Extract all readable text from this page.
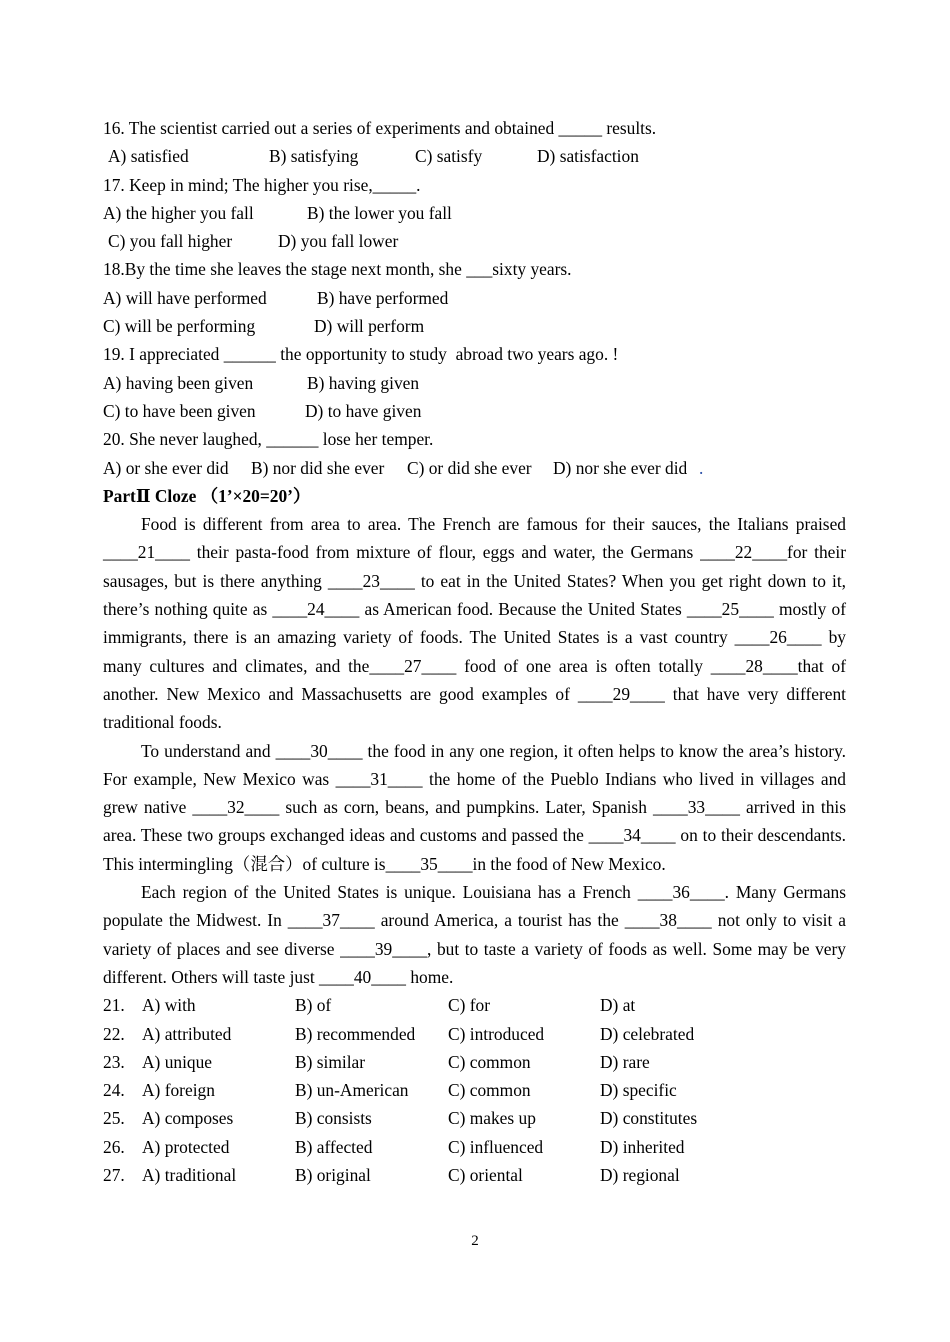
16. The scientist carried out a series of experiments and obtained _____ results.
A) satisfied	B) satisfying	C) satisfy	D) satisfaction
17. Keep in mind; The higher you rise,_____.
A) the higher you fall	B) the lower you fall
C) you fall higher	D) you fall lower
18.By the time she leaves the stage next month, she ___sixty years.
A) will have performed	B) have performed
C) will be performing	D) will perform
19. I appreciated ______ the opportunity to study  abroad two years ago. !
A) having been given	B) having given
C) to have been given	D) to have given
20. She never laughed, ______ lose her temper.
A) or she ever did B) nor did she ever C) or did she ever D) nor she ever did .
PartⅡ Cloze （1’×20=20’）

Food is different from area to area. The French are famous for their sauces, the Italians praised ____21____ their pasta-food from mixture of flour, eggs and water, the Germans ____22____for their sausages, but is there anything ____23____ to eat in the United States? When you get right down to it, there’s nothing quite as ____24____ as American food. Because the United States ____25____ mostly of immigrants, there is an amazing variety of foods. The United States is a vast country ____26____ by many cultures and climates, and the____27____ food of one area is often totally ____28____that of another. New Mexico and Massachusetts are good examples of ____29____ that have very different traditional foods.

To understand and ____30____ the food in any one region, it often helps to know the area’s history. For example, New Mexico was ____31____ the home of the Pueblo Indians who lived in villages and grew native ____32____ such as corn, beans, and pumpkins. Later, Spanish ____33____ arrived in this area. These two groups exchanged ideas and customs and passed the ____34____ on to their descendants. This intermingling（混合）of culture is____35____in the food of New Mexico.

Each region of the United States is unique. Louisiana has a French ____36____. Many Germans populate the Midwest. In ____37____ around America, a tourist has the ____38____ not only to visit a variety of places and see diverse ____39____, but to taste a variety of foods as well. Some may be very different. Others will taste just ____40____ home.

21. A) with	B) of	C) for	D) at
22. A) attributed	B) recommended C) introduced	D) celebrated
23. A) unique	B) similar	C) common	D) rare
24. A) foreign	B) un-American C) common	D) specific
25. A) composes	B) consists	C) makes up	D) constitutes
26. A) protected	B) affected	C) influenced	D) inherited
27. A) traditional	B) original	C) oriental	D) regional
2
